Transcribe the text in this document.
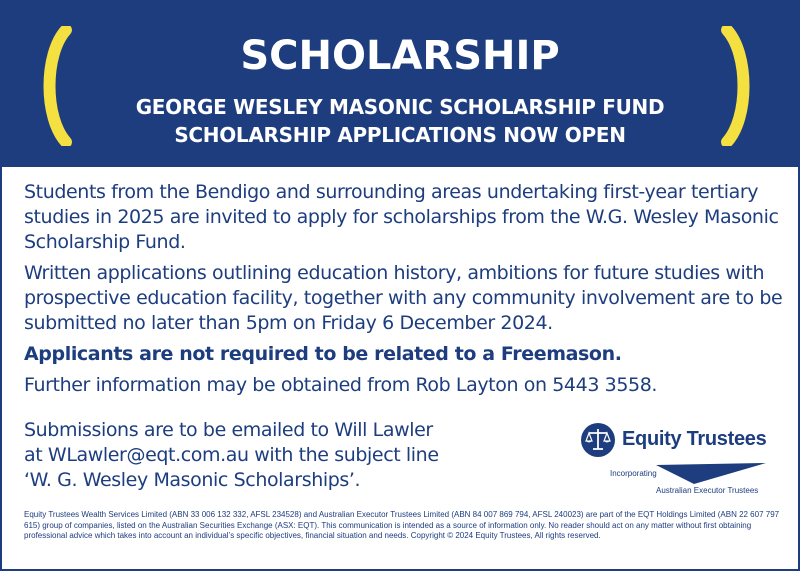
SCHOLARSHIP
GEORGE WESLEY MASONIC SCHOLARSHIP FUND
SCHOLARSHIP APPLICATIONS NOW OPEN

Students from the Bendigo and surrounding areas undertaking first-year tertiary studies in 2025 are invited to apply for scholarships from the W.G. Wesley Masonic Scholarship Fund.

Written applications outlining education history, ambitions for future studies with prospective education facility, together with any community involvement are to be submitted no later than 5pm on Friday 6 December 2024.

Applicants are not required to be related to a Freemason.

Further information may be obtained from Rob Layton on 5443 3558.

Submissions are to be emailed to Will Lawler
at WLawler@eqt.com.au with the subject line
‘W. G. Wesley Masonic Scholarships’.
Equity Trustees
Incorporating
Australian Executor Trustees
Equity Trustees Wealth Services Limited (ABN 33 006 132 332, AFSL 234528) and Australian Executor Trustees Limited (ABN 84 007 869 794, AFSL 240023) are part of the EQT Holdings Limited (ABN 22 607 797 615) group of companies, listed on the Australian Securities Exchange (ASX: EQT). This communication is intended as a source of information only. No reader should act on any matter without first obtaining professional advice which takes into account an individual’s specific objectives, financial situation and needs. Copyright © 2024 Equity Trustees, All rights reserved.
